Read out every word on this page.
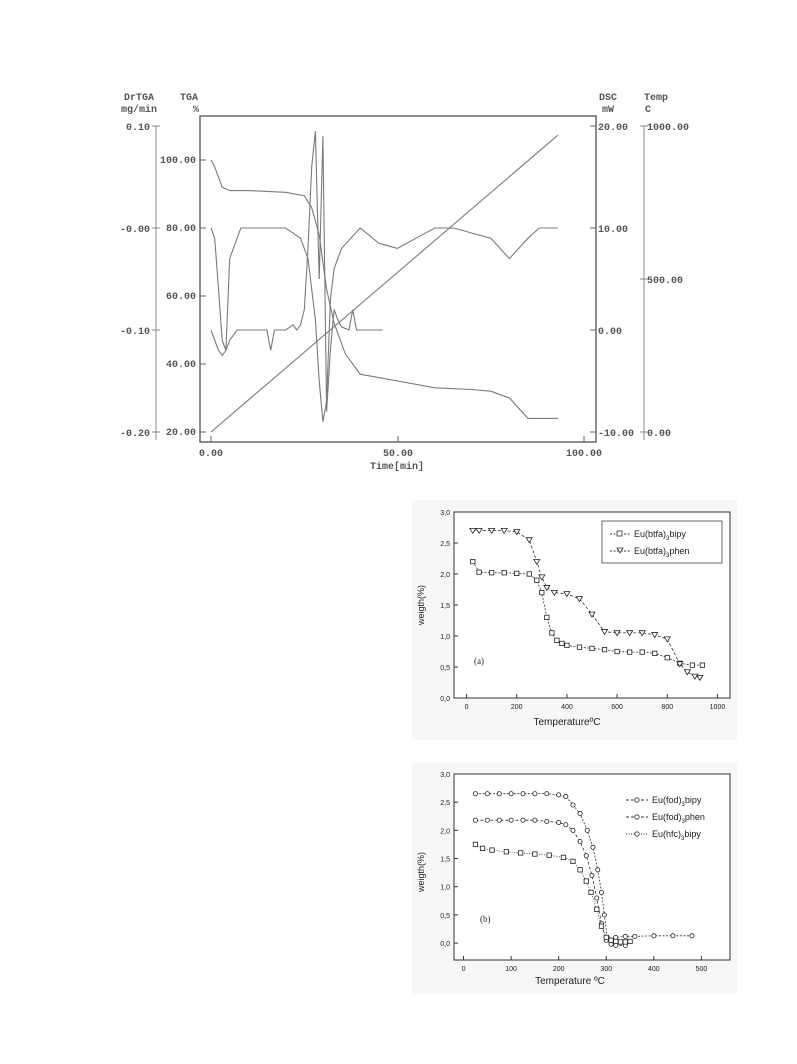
DrTGA
mg/min
TGA
%
DSC
mW
Temp
C
0.10
-0.00
-0.10
-0.20
100.00
80.00
60.00
40.00
20.00
20.00
10.00
0.00
-10.00
1000.00
500.00
0.00
0.00	50.00	100.00
Time[min]
0,0
0,5
1,0
1,5
2,0
2,5
3,0
0	200	400	600	800	1000
TemperatureºC
weigth(%)
(a)
$Eu(btfa)_3bipy$
$Eu(btfa)_3phen$
0,0
0,5
1,0
1,5
2,0
2,5
3,0
0	100	200	300	400	500
Temperature ºC
weigth(%)
(b)
$Eu(fod)_3bipy$
$Eu(fod)_3phen$
$Eu(hfc)_3bipy$
